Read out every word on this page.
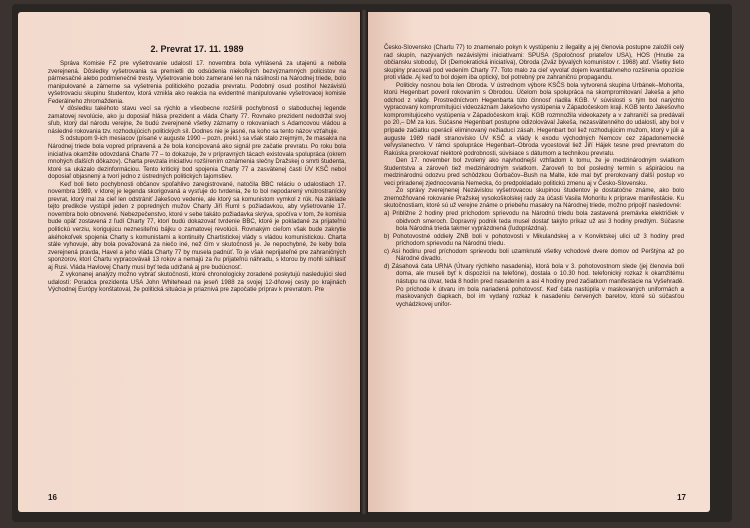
2. Prevrat 17. 11. 1989

Správa Komisie FZ pre vyšetrovanie udalostí 17. novembra bola vyhlásená za utajenú a neboła zverejnená. Dôsledky vyšetrovania sa premietli do odsúdenia niekoľkých bezvýznamných policistov na pármesačné alebo podmienečné tresty. Vyšetrovanie bolo zamerané len na násilnosti na Národnej triede, bolo manipulované a zámerne sa vyšetrenia politického pozadia prevratu. Podobný osud postihol Nezávislú vyšetrovaciu skupinu študentov, ktorá vznikla ako reakcia na evidentné manipulovanie vyšetrovacej komisie Federálneho zhromaždenia.

V dôsledku takéhoto stavu vecí sa rýchlo a všeobecne rozšírili pochybnosti o slaboduchej legende zamatovej revolúcie, ako ju doposiaľ hlása prezident a vláda Charty 77. Rovnako prezident nedodržal svoj sľub, ktorý dal národu verejne, že budú zverejnené všetky záznamy o rokovaniach s Adamcovou vládou a následné rokovania tzv. rozhodujúcich politických síl. Dodnes nie je jasné, na koho sa tento názov vzťahuje.

S odstupom 9-ich mesiacov (písané v auguste 1990 – pozn. prekl.) sa však stalo zrejmým, že masakra na Národnej triede bola vopred pripravená a že bola koncipovaná ako signál pre začatie prevratu. Po roku bola iniciatíva okamžite odovzdaná Charte 77 – to dokazuje, že v prípravných tácach existovala spolupráca (okrem mnohých ďalších dôkazov). Charta prevzala iniciatívu rozšírením oznámenia slečny Dražskej o smrti študenta, ktoré sa ukázalo dezinformáciou. Tento kritický bod spojenia Charty 77 a zasvätenej časti ÚV KSČ nebol doposiaľ objasnený a tvorí jedno z ústredných politických tajomstiev.

Keď boli tieto pochybnosti občanov spoľahlivo zaregistrované, natočila BBC reláciu o udalostiach 17. novembra 1989, v ktorej je legenda skorigovaná a vysťuje do tvrdenia, že to bol nepodarený vnútrostranícky prevrat, ktorý mal za cieľ len odstrániť Jakešovo vedenie, ale ktorý sa komunistom vymkol z rúk. Na základe tejto predikcie vystúpil jeden z popredných mužov Charty Jiří Ruml s požiadavkou, aby vyšetrovanie 17. novembra bolo obnovené. Nebezpečenstvo, ktoré v sebe takáto požiadavka skrýva, spočíva v tom, že komisia bude opäť zostavená z ľudí Charty 77, ktorí budú dokazovať tvrdenie BBC, ktoré je pokladané za prijateľnú politickú verziu, korigujúcu neznesiteľnú bájku o zamatovej revolúcii. Rovnakým cieľom však bude zakrytie akéhokoľvek spojenia Charty s komunistami a kontinuity Chartistickej vlády s vládou komunistickou. Charta stále vyhovuje, aby bola považovaná za niečo iné, než čím v skutočnosti je. Je nepochybné, že keby bola zverejnená pravda, Havel a jeho vláda Charty 77 by musela padnúť. To je však neprijateľné pre zahraničných sponzorov, ktorí Chartu vypracovávali 13 rokov a nemajú za ňu prijateľnú náhradu, s ktorou by mohli súhlasiť aj Rusi. Vláda Havlovej Charty musí byť teda udržaná aj pre budúcnosť.

Z vykonanej analýzy možno vybrať skutočnosti, ktoré chronologicky zoradené poskytujú nasledujúci sled udalostí: Poradca prezidenta USA John Whitehead na jeseň 1988 za svojej 12-dňovej cesty po krajinách Východnej Európy konštatoval, že politická situácia je priaznivá pre započatie príprav k prevratom. Pre

16

Česko-Slovensko (Chartu 77) to znamenalo pokyn k vystúpeniu z ilegality a jej členovia postupne založili celý rad skupín, nazývaných nezávislými iniciatívami: SPUSA (Spoločnosť priateľov USA), HOS (Hnutie za občiansku slobodu), DI (Demokratická iniciatíva), Obroda (Zväz bývalých komunistov r. 1968) atď. Všetky tieto skupiny pracovali pod vedením Charty 77. Toto malo za cieľ vyvolať dojem kvantitatívneho rozširenia opozície proti vláde. Aj keď to bol dojem iba optický, bol potrebný pre zahraničnú propagandu.

Politicky nosnou bola len Obroda. V ústrednom výbore KSČS bola vytvorená skupina Urbánek–Mohorita, ktorú Hegenbart poveril rokovaním s Obrodou. Účelom bola spolupráca na skompromitovaní Jakeša a jeho odchod z vlády. Prostredníctvom Hegenbarta túto činnosť riadila KGB. V súvislosti s tým bol narýchlo vypracovaný kompromitujúci videozáznam Jakešovho vystúpenia v Západočeskom kraji. KGB tento Jakešovho kompromitujúceho vystúpenia v Západočeskom kraji. KGB rozmnožila videokazety a v zahraničí sa predávali po 20,– DM za kus. Súčasne Hegenbart postupne odizolovával Jakeša, nezasvätenného do udalostí, aby bol v prípade začiatku operácií eliminovaný nežiaducí zásah. Hegenbart bol liež rozhodujúcim mužom, ktorý v júli a auguste 1989 riadil stranovísko ÚV KSČ a vlády k exodu východných Nemcov cez západonemecké veľvyslanectvo. V rámci spolupráce Hegenbart–Obroda vycestoval liež Jiří Hájek tesne pred prevratom do Rakúska prerokovať niektoré podrobnosti, súvisiace s dátumom a technikou prevratu.

Den 17. november bol zvolený ako najvhodnejší vzhľadom k tomu, že je medzinárodným sviatkom študentstva a zároveň tiež medzinárodným sviatkom. Zaroveň to bol posledný termín s ašpiráciou na medzinárodnú odozvu pred schôdzkou Gorbačov–Bush na Malte, kde mal byť prerokovaný ďalší postup vo veci priradenej zjednocovania Nemecka, čo predpokladalo politickú zmenu aj v Česko-Slovensku.

Zo správy zverejnenej Nezávislou vyšetrovacou skupinou študentov je dostatočne známe, ako bolo znemožňované rokovanie Pražskej vysokoškolskej rady za účasti Vasila Mohoritu k príprave manifestácie. Ku skutočnostiam, ktoré sú už verejne známe o priebehu masakry na Národnej triede, možno pripojiť nasledovné:

a) Približne 2 hodiny pred príchodom sprievodu na Národnú triedu bola zastavená premávka električiek v obidvoch smeroch. Dopravný podnik teda musel dostať takýto príkaz už asi 3 hodiny predtým. Súčasne bola Národná trieda takmer vyprázdnená (ľudoprázdna).
b) Pohotovostné oddiely ZNB boli v pohotovosti v Mikulandskej a v Konviktskej ulici už 3 hodiny pred príchodom sprievodu na Národnú triedu.
c) Asi hodinu pred príchodom sprievodu boli uzamknuté všetky vchodové dvere domov od Perštýna až po Národné divadlo.
d) Zásahová čata URNA (Útvary rýchleho nasadenia), ktorá bola v 3. pohotovostnom slede (jej členovia boli doma, ale museli byť k dispozícii na telefóne), dostala o 10.30 hod. telefonický rozkaz k okamžitému nástupu na útvar, teda 8 hodín pred nasadením a asi 4 hodiny pred začiatkom manifestácie na Vyšehradě. Po príchode k útvaru im bola nariadená pohotovosť. Keď čata nastúpila v maskovaných uniformách a maskovaných čiapkach, bol im vydaný rozkaz k nasadeniu červených baretov, ktoré sú súčasťou vychádzkovej unifor-
17
